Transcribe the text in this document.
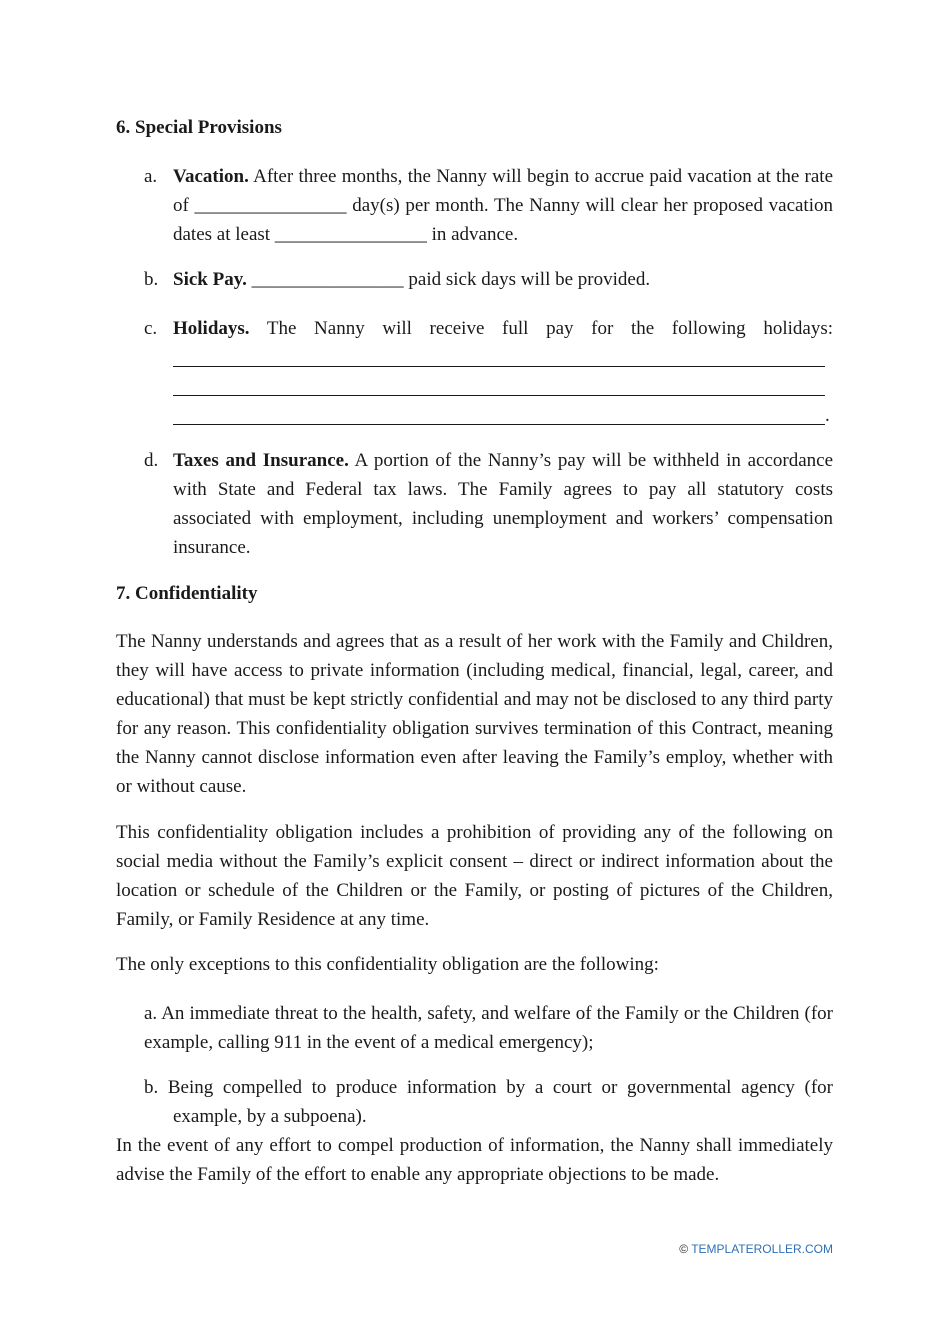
6. Special Provisions

a. Vacation. After three months, the Nanny will begin to accrue paid vacation at the rate of ________________ day(s) per month. The Nanny will clear her proposed vacation dates at least ________________ in advance.

b. Sick Pay. ________________ paid sick days will be provided.

c. Holidays. The Nanny will receive full pay for the following holidays:

.
d. Taxes and Insurance. A portion of the Nanny’s pay will be withheld in accordance with State and Federal tax laws. The Family agrees to pay all statutory costs associated with employment, including unemployment and workers’ compensation insurance.

7. Confidentiality

The Nanny understands and agrees that as a result of her work with the Family and Children, they will have access to private information (including medical, financial, legal, career, and educational) that must be kept strictly confidential and may not be disclosed to any third party for any reason. This confidentiality obligation survives termination of this Contract, meaning the Nanny cannot disclose information even after leaving the Family’s employ, whether with or without cause.

This confidentiality obligation includes a prohibition of providing any of the following on social media without the Family’s explicit consent – direct or indirect information about the location or schedule of the Children or the Family, or posting of pictures of the Children, Family, or Family Residence at any time.

The only exceptions to this confidentiality obligation are the following:

a. An immediate threat to the health, safety, and welfare of the Family or the Children (for example, calling 911 in the event of a medical emergency);

b. Being compelled to produce information by a court or governmental agency (for example, by a subpoena).

In the event of any effort to compel production of information, the Nanny shall immediately advise the Family of the effort to enable any appropriate objections to be made.

© TEMPLATEROLLER.COM
